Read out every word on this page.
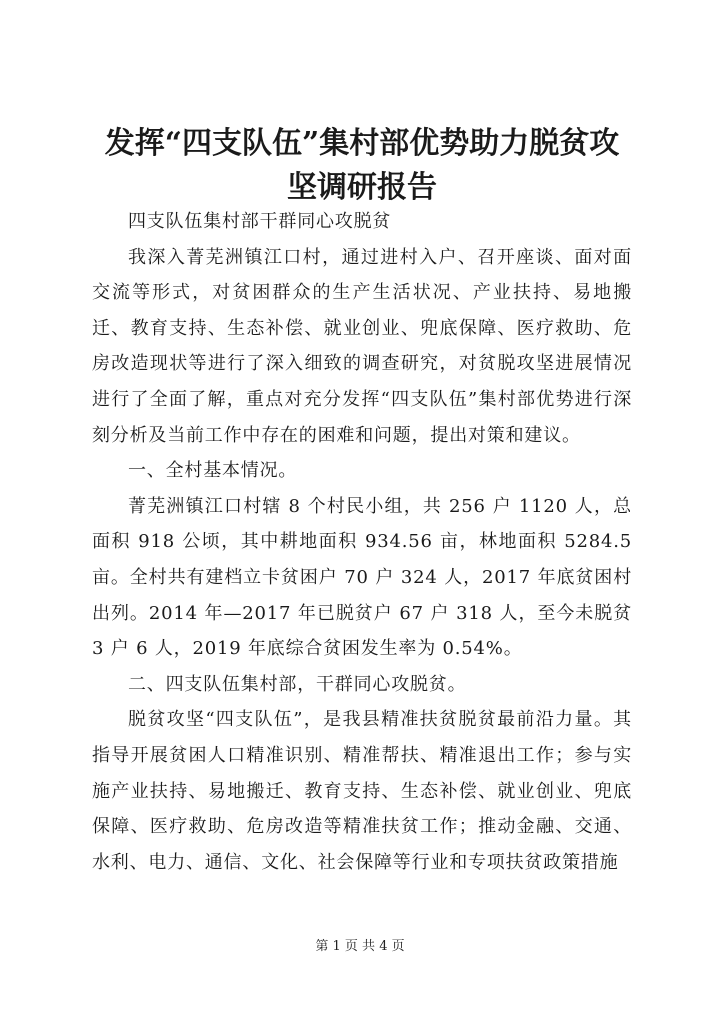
发挥“四支队伍”集村部优势助力脱贫攻坚调研报告

四支队伍集村部干群同心攻脱贫

我深入菁芜洲镇江口村，通过进村入户、召开座谈、面对面交流等形式，对贫困群众的生产生活状况、产业扶持、易地搬迁、教育支持、生态补偿、就业创业、兜底保障、医疗救助、危房改造现状等进行了深入细致的调查研究，对贫脱攻坚进展情况进行了全面了解，重点对充分发挥“四支队伍”集村部优势进行深刻分析及当前工作中存在的困难和问题，提出对策和建议。

一、全村基本情况。

菁芜洲镇江口村辖 8 个村民小组，共 256 户 1120 人，总面积 918 公顷，其中耕地面积 934.56 亩，林地面积 5284.5 亩。全村共有建档立卡贫困户 70 户 324 人，2017 年底贫困村出列。2014 年—2017 年已脱贫户 67 户 318 人，至今未脱贫 3 户 6 人，2019 年底综合贫困发生率为 0.54%。

二、四支队伍集村部，干群同心攻脱贫。

脱贫攻坚“四支队伍”，是我县精准扶贫脱贫最前沿力量。其指导开展贫困人口精准识别、精准帮扶、精准退出工作；参与实施产业扶持、易地搬迁、教育支持、生态补偿、就业创业、兜底保障、医疗救助、危房改造等精准扶贫工作；推动金融、交通、水利、电力、通信、文化、社会保障等行业和专项扶贫政策措施

第 1 页 共 4 页
